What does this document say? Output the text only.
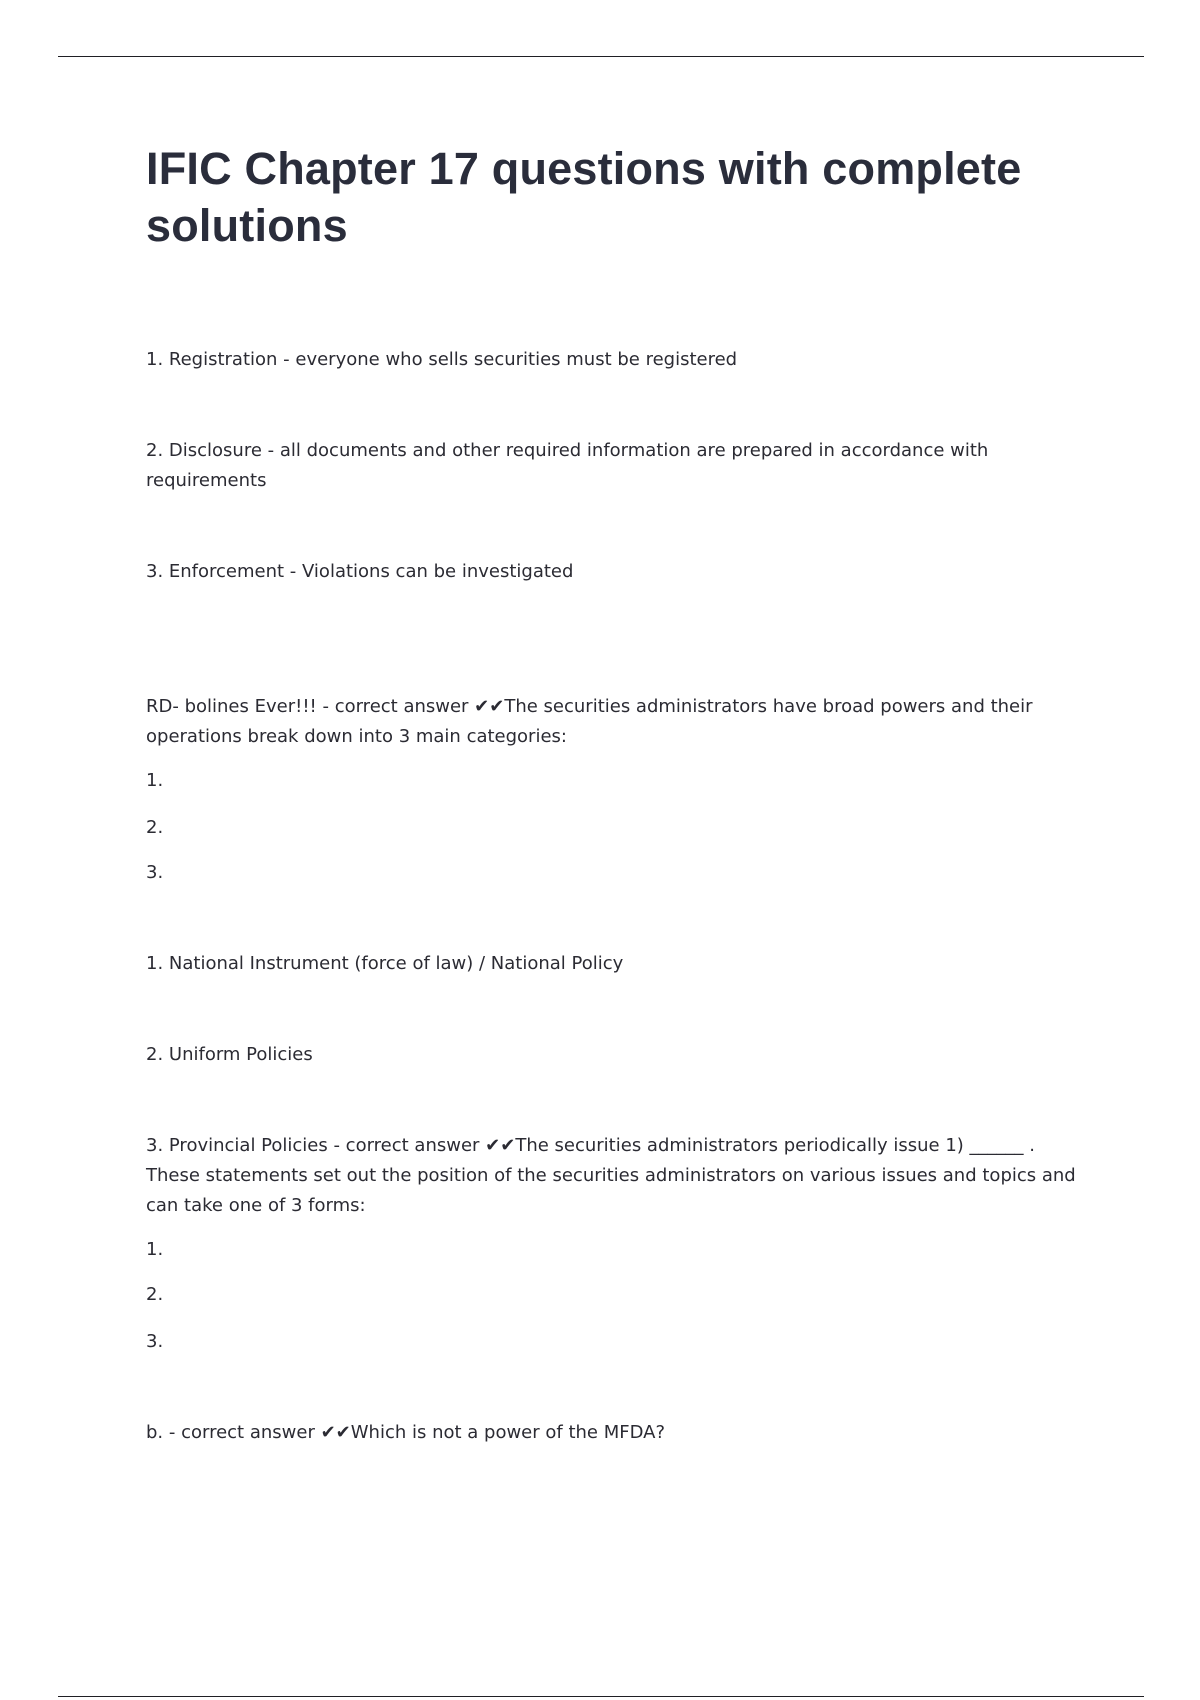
IFIC Chapter 17 questions with complete solutions

1. Registration - everyone who sells securities must be registered

2. Disclosure - all documents and other required information are prepared in accordance with requirements

3. Enforcement - Violations can be investigated

RD- bolines Ever!!! - correct answer ✔✔The securities administrators have broad powers and their operations break down into 3 main categories:

1.

2.

3.

1. National Instrument (force of law) / National Policy

2. Uniform Policies

3. Provincial Policies - correct answer ✔✔The securities administrators periodically issue 1) ______ . These statements set out the position of the securities administrators on various issues and topics and can take one of 3 forms:

1.

2.

3.

b. - correct answer ✔✔Which is not a power of the MFDA?
